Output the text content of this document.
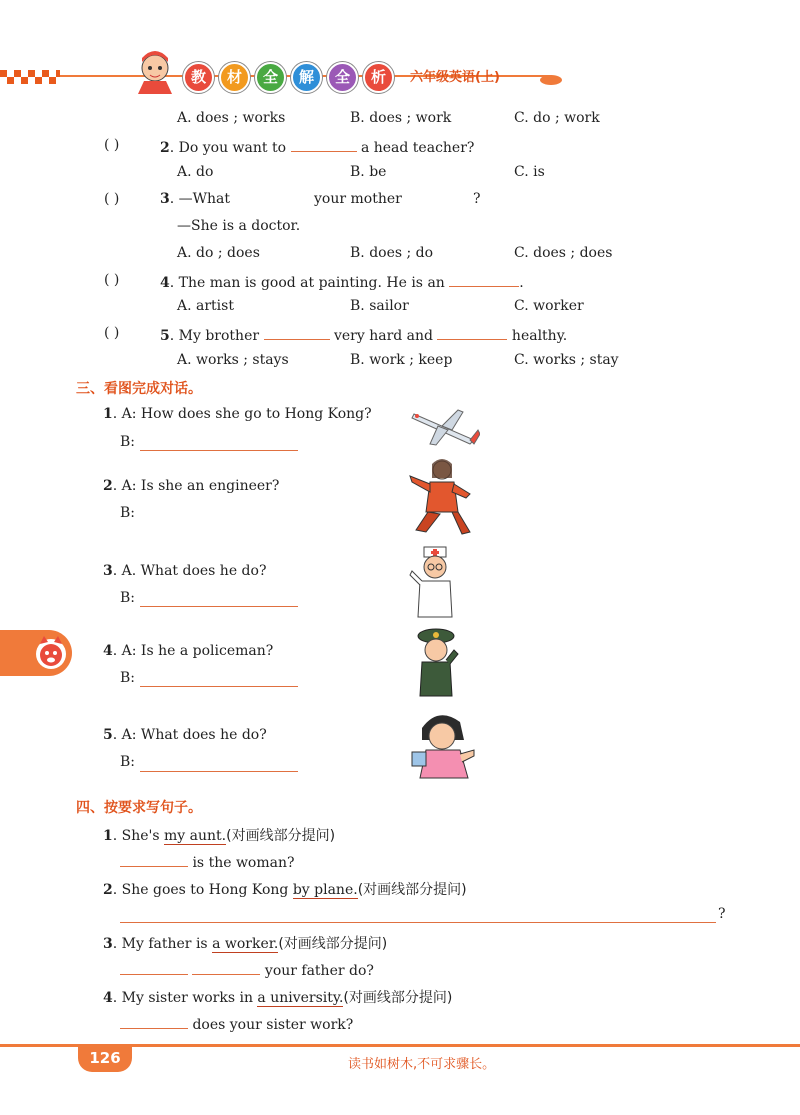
教	材	全	解	全	析	六年级英语(上)
A. does ; works	B. does ; work	C. do ; work
( )	2. Do you want to	a head teacher?
A. do	B. be	C. is
( )	3. —What	your mother	?
—She is a doctor.
A. do ; does	B. does ; do	C. does ; does
( )	4. The man is good at painting. He is an	.
A. artist	B. sailor	C. worker
( )	5. My brother	very hard and	healthy.
A. works ; stays	B. work ; keep	C. works ; stay
三、看图完成对话。
1. A: How does she go to Hong Kong?
B:
2. A: Is she an engineer?
B:
3. A. What does he do?
B:
4. A: Is he a policeman?
B:
5. A: What does he do?
B:
四、按要求写句子。
1. She's my aunt.(对画线部分提问)
is the woman?
2. She goes to Hong Kong by plane.(对画线部分提问)
?
3. My father is a worker.(对画线部分提问)
your father do?
4. My sister works in a university.(对画线部分提问)
does your sister work?
126	读书如树木,不可求骤长。
